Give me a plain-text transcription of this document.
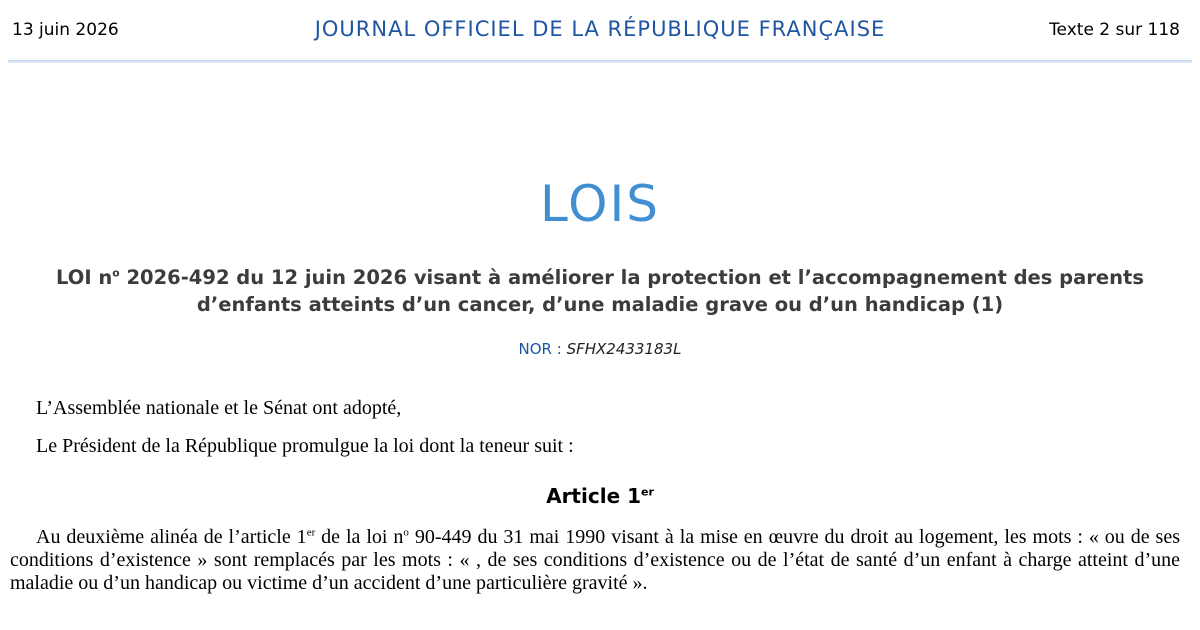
13 juin 2026	JOURNAL OFFICIEL DE LA RÉPUBLIQUE FRANÇAISE	Texte 2 sur 118
LOIS
LOI $n^o$ 2026-492 du 12 juin 2026 visant à améliorer la protection et l’accompagnement des parents d’enfants atteints d’un cancer, d’une maladie grave ou d’un handicap (1)
NOR : SFHX2433183L
L’Assemblée nationale et le Sénat ont adopté,
Le Président de la République promulgue la loi dont la teneur suit :
Article 1er
Au deuxième alinéa de l’article 1er de la loi $n^o$ 90-449 du 31 mai 1990 visant à la mise en œuvre du droit au logement, les mots : « ou de ses conditions d’existence » sont remplacés par les mots : « , de ses conditions d’existence ou de l’état de santé d’un enfant à charge atteint d’une maladie ou d’un handicap ou victime d’un accident d’une particulière gravité ».
